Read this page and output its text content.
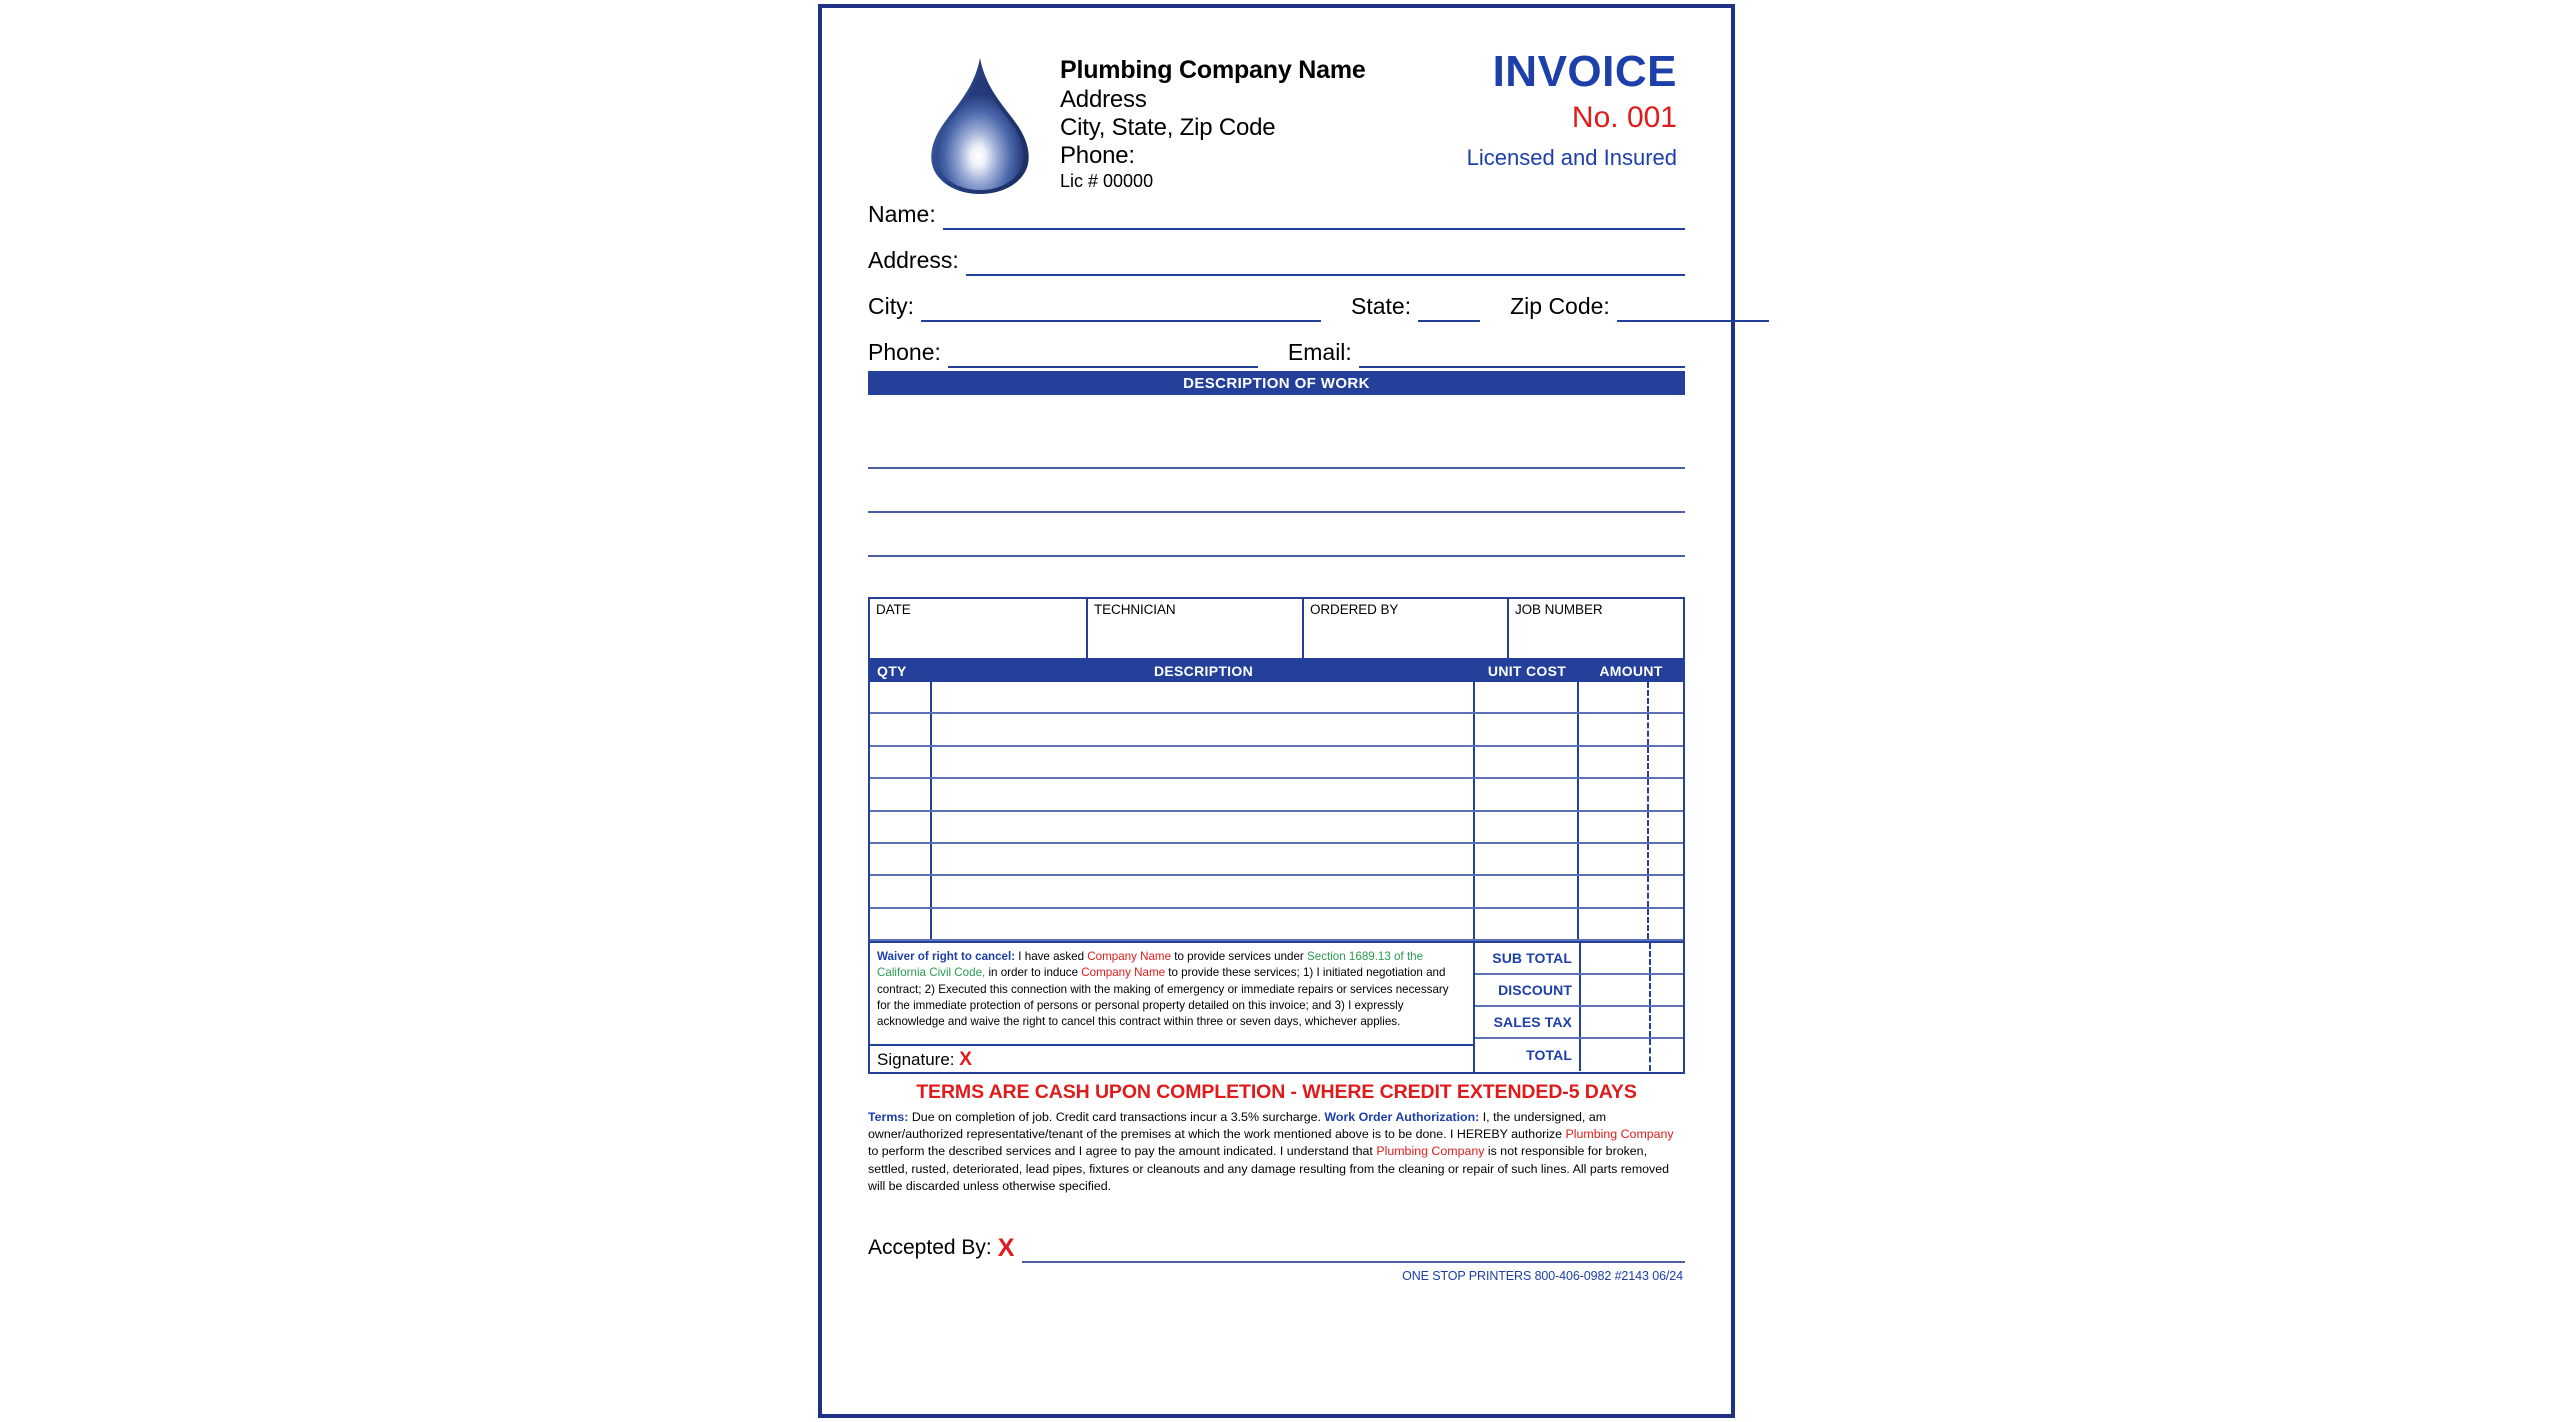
Plumbing Company Name
Address
City, State, Zip Code
Phone:
Lic # 00000
INVOICE
No. 001
Licensed and Insured
Name:
Address:
City:	State:	Zip Code:
Phone:	Email:
DESCRIPTION OF WORK
DATE	TECHNICIAN	ORDERED BY	JOB NUMBER
QTY	DESCRIPTION	UNIT COST	AMOUNT

Waiver of right to cancel: I have asked Company Name to provide services under Section 1689.13 of the California Civil Code, in order to induce Company Name to provide these services; 1) I initiated negotiation and contract; 2) Executed this connection with the making of emergency or immediate repairs or services necessary for the immediate protection of persons or personal property detailed on this invoice; and 3) I expressly acknowledge and waive the right to cancel this contract within three or seven days, whichever applies.

Signature: X
SUB TOTAL
DISCOUNT
SALES TAX
TOTAL
TERMS ARE CASH UPON COMPLETION - WHERE CREDIT EXTENDED-5 DAYS
Terms: Due on completion of job. Credit card transactions incur a 3.5% surcharge. Work Order Authorization: I, the undersigned, am owner/authorized representative/tenant of the premises at which the work mentioned above is to be done. I HEREBY authorize Plumbing Company to perform the described services and I agree to pay the amount indicated. I understand that Plumbing Company is not responsible for broken, settled, rusted, deteriorated, lead pipes, fixtures or cleanouts and any damage resulting from the cleaning or repair of such lines. All parts removed will be discarded unless otherwise specified.
Accepted By: X
ONE STOP PRINTERS 800-406-0982 #2143 06/24
